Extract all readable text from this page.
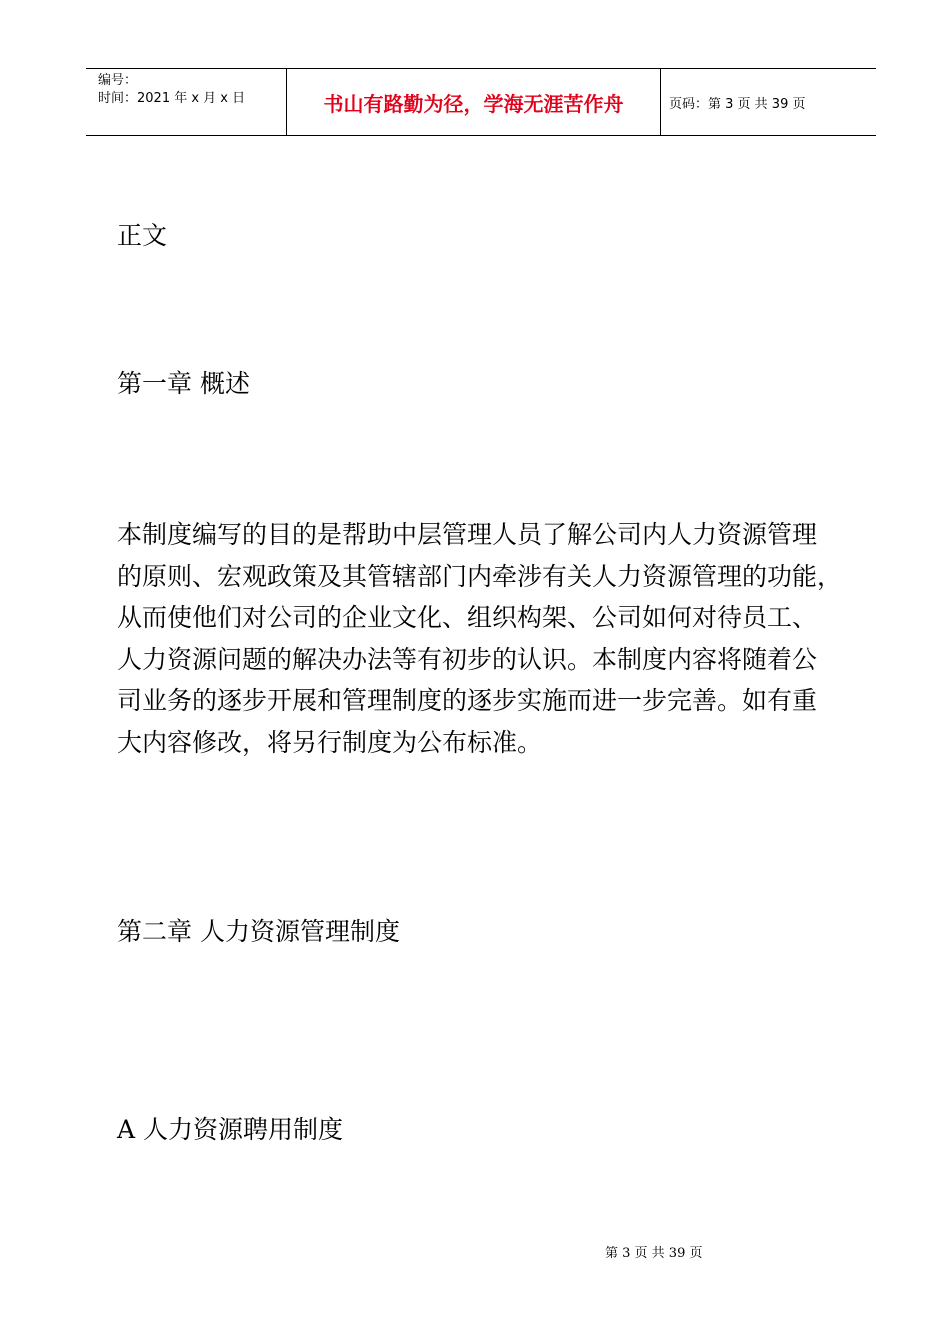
编号：
时间：2021 年 x 月 x 日	书山有路勤为径，学海无涯苦作舟	页码：第 3 页 共 39 页
正文
第一章 概述
本制度编写的目的是帮助中层管理人员了解公司内人力资源管理
的原则、宏观政策及其管辖部门内牵涉有关人力资源管理的功能，
从而使他们对公司的企业文化、组织构架、公司如何对待员工、
人力资源问题的解决办法等有初步的认识。本制度内容将随着公
司业务的逐步开展和管理制度的逐步实施而进一步完善。如有重
大内容修改，将另行制度为公布标准。
第二章 人力资源管理制度
A 人力资源聘用制度
第 3 页 共 39 页
